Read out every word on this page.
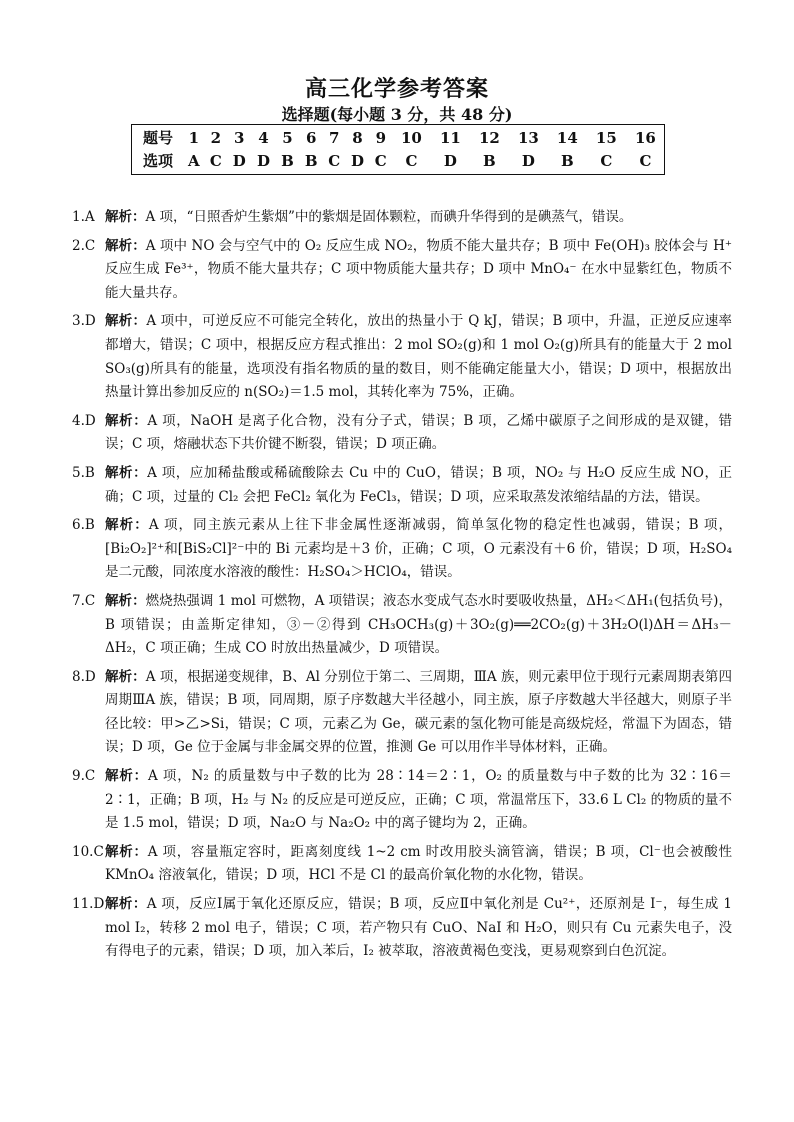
高三化学参考答案
选择题(每小题 3 分，共 48 分)
题号	1	2	3	4	5	6	7	8	9	10	11	12	13	14	15	16
选项	A	C	D	D	B	B	C	D	C	C	D	B	D	B	C	C
1.A 解析：A 项，“日照香炉生紫烟”中的紫烟是固体颗粒，而碘升华得到的是碘蒸气，错误。
2.C 解析：A 项中 NO 会与空气中的 O₂ 反应生成 NO₂，物质不能大量共存；B 项中 Fe(OH)₃ 胶体会与 H⁺ 反应生成 Fe³⁺，物质不能大量共存；C 项中物质能大量共存；D 项中 MnO₄⁻ 在水中显紫红色，物质不能大量共存。
3.D 解析：A 项中，可逆反应不可能完全转化，放出的热量小于 Q kJ，错误；B 项中，升温，正逆反应速率都增大，错误；C 项中，根据反应方程式推出：2 mol SO₂(g)和 1 mol O₂(g)所具有的能量大于 2 mol SO₃(g)所具有的能量，选项没有指名物质的量的数目，则不能确定能量大小，错误；D 项中，根据放出热量计算出参加反应的 n(SO₂)＝1.5 mol，其转化率为 75%，正确。
4.D 解析：A 项，NaOH 是离子化合物，没有分子式，错误；B 项，乙烯中碳原子之间形成的是双键，错误；C 项，熔融状态下共价键不断裂，错误；D 项正确。
5.B 解析：A 项，应加稀盐酸或稀硫酸除去 Cu 中的 CuO，错误；B 项，NO₂ 与 H₂O 反应生成 NO，正确；C 项，过量的 Cl₂ 会把 FeCl₂ 氧化为 FeCl₃，错误；D 项，应采取蒸发浓缩结晶的方法，错误。
6.B 解析：A 项，同主族元素从上往下非金属性逐渐减弱，简单氢化物的稳定性也减弱，错误；B 项，[Bi₂O₂]²⁺和[BiS₂Cl]²⁻中的 Bi 元素均是＋3 价，正确；C 项，O 元素没有＋6 价，错误；D 项，H₂SO₄ 是二元酸，同浓度水溶液的酸性：H₂SO₄＞HClO₄，错误。
7.C 解析：燃烧热强调 1 mol 可燃物，A 项错误；液态水变成气态水时要吸收热量，ΔH₂＜ΔH₁(包括负号)，B 项错误；由盖斯定律知，③－②得到 CH₃OCH₃(g)＋3O₂(g)══2CO₂(g)＋3H₂O(l)ΔH＝ΔH₃－ΔH₂，C 项正确；生成 CO 时放出热量减少，D 项错误。
8.D 解析：A 项，根据递变规律，B、Al 分别位于第二、三周期，ⅢA 族，则元素甲位于现行元素周期表第四周期ⅢA 族，错误；B 项，同周期，原子序数越大半径越小，同主族，原子序数越大半径越大，则原子半径比较：甲>乙>Si，错误；C 项，元素乙为 Ge，碳元素的氢化物可能是高级烷烃，常温下为固态，错误；D 项，Ge 位于金属与非金属交界的位置，推测 Ge 可以用作半导体材料，正确。
9.C 解析：A 项，N₂ 的质量数与中子数的比为 28∶14＝2∶1，O₂ 的质量数与中子数的比为 32∶16＝2∶1，正确；B 项，H₂ 与 N₂ 的反应是可逆反应，正确；C 项，常温常压下，33.6 L Cl₂ 的物质的量不是 1.5 mol，错误；D 项，Na₂O 与 Na₂O₂ 中的离子键均为 2，正确。
10.C 解析：A 项，容量瓶定容时，距离刻度线 1~2 cm 时改用胶头滴管滴，错误；B 项，Cl⁻也会被酸性 KMnO₄ 溶液氧化，错误；D 项，HCl 不是 Cl 的最高价氧化物的水化物，错误。
11.D 解析：A 项，反应Ⅰ属于氧化还原反应，错误；B 项，反应Ⅱ中氧化剂是 Cu²⁺，还原剂是 I⁻，每生成 1 mol I₂，转移 2 mol 电子，错误；C 项，若产物只有 CuO、NaI 和 H₂O，则只有 Cu 元素失电子，没有得电子的元素，错误；D 项，加入苯后，I₂ 被萃取，溶液黄褐色变浅，更易观察到白色沉淀。
